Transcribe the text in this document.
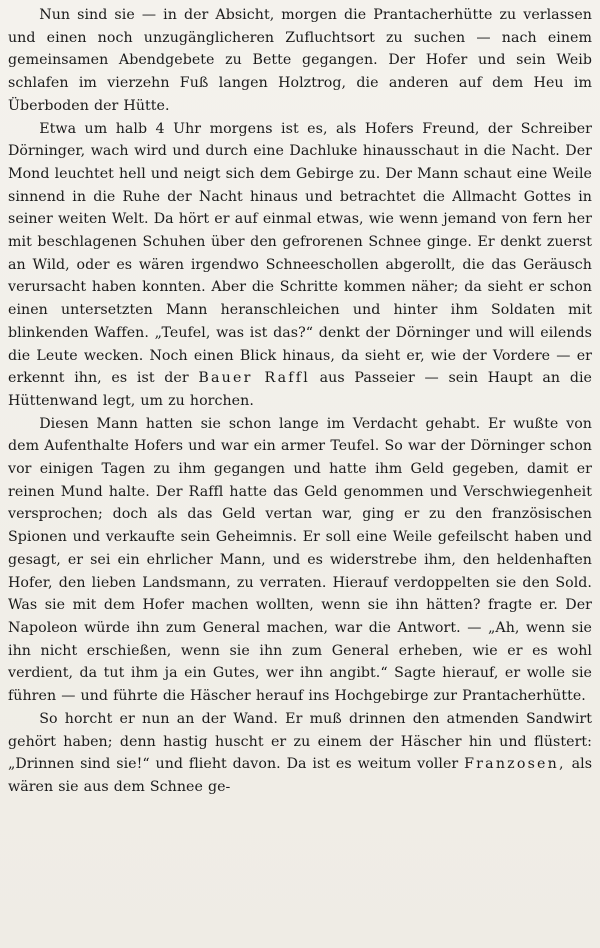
Nun sind sie — in der Absicht, morgen die Prantacherhütte zu verlassen und einen noch unzugänglicheren Zufluchtsort zu suchen — nach einem gemeinsamen Abendgebete zu Bette gegangen. Der Hofer und sein Weib schlafen im vierzehn Fuß langen Holztrog, die anderen auf dem Heu im Überboden der Hütte.

Etwa um halb 4 Uhr morgens ist es, als Hofers Freund, der Schreiber Dörninger, wach wird und durch eine Dachluke hinausschaut in die Nacht. Der Mond leuchtet hell und neigt sich dem Gebirge zu. Der Mann schaut eine Weile sinnend in die Ruhe der Nacht hinaus und betrachtet die Allmacht Gottes in seiner weiten Welt. Da hört er auf einmal etwas, wie wenn jemand von fern her mit beschlagenen Schuhen über den gefrorenen Schnee ginge. Er denkt zuerst an Wild, oder es wären irgendwo Schneeschollen abgerollt, die das Geräusch verursacht haben konnten. Aber die Schritte kommen näher; da sieht er schon einen untersetzten Mann heranschleichen und hinter ihm Soldaten mit blinkenden Waffen. „Teufel, was ist das?“ denkt der Dörninger und will eilends die Leute wecken. Noch einen Blick hinaus, da sieht er, wie der Vordere — er erkennt ihn, es ist der Bauer Raffl aus Passeier — sein Haupt an die Hüttenwand legt, um zu horchen.

Diesen Mann hatten sie schon lange im Verdacht gehabt. Er wußte von dem Aufenthalte Hofers und war ein armer Teufel. So war der Dörninger schon vor einigen Tagen zu ihm gegangen und hatte ihm Geld gegeben, damit er reinen Mund halte. Der Raffl hatte das Geld genommen und Verschwiegenheit versprochen; doch als das Geld vertan war, ging er zu den französischen Spionen und verkaufte sein Geheimnis. Er soll eine Weile gefeilscht haben und gesagt, er sei ein ehrlicher Mann, und es widerstrebe ihm, den heldenhaften Hofer, den lieben Landsmann, zu verraten. Hierauf verdoppelten sie den Sold. Was sie mit dem Hofer machen wollten, wenn sie ihn hätten? fragte er. Der Napoleon würde ihn zum General machen, war die Antwort. — „Ah, wenn sie ihn nicht erschießen, wenn sie ihn zum General erheben, wie er es wohl verdient, da tut ihm ja ein Gutes, wer ihn angibt.“ Sagte hierauf, er wolle sie führen — und führte die Häscher herauf ins Hochgebirge zur Prantacherhütte.

So horcht er nun an der Wand. Er muß drinnen den atmenden Sandwirt gehört haben; denn hastig huscht er zu einem der Häscher hin und flüstert: „Drinnen sind sie!“ und flieht davon. Da ist es weitum voller Franzosen, als wären sie aus dem Schnee ge-
